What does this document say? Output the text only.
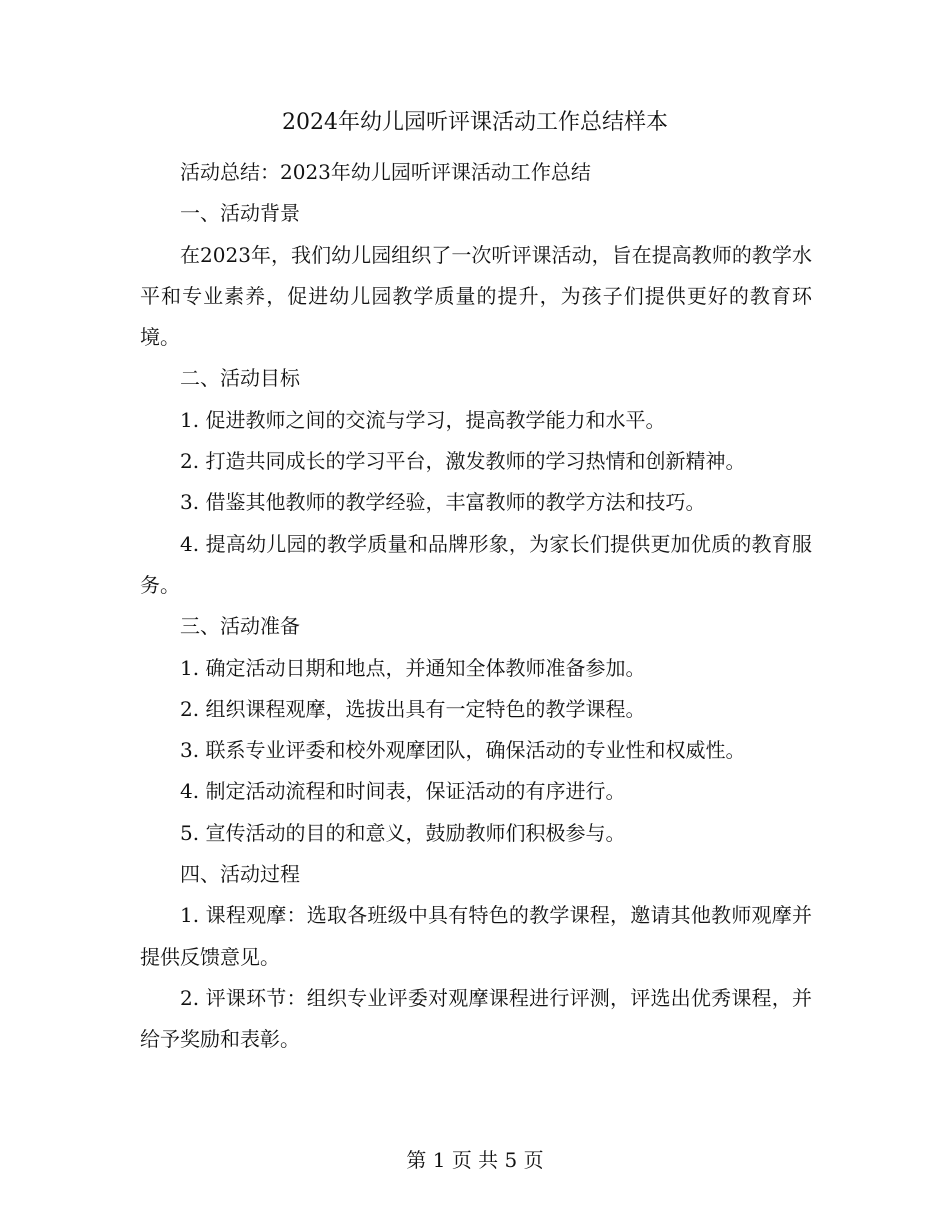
2024年幼儿园听评课活动工作总结样本

活动总结：2023年幼儿园听评课活动工作总结

一、活动背景

在2023年，我们幼儿园组织了一次听评课活动，旨在提高教师的教学水平和专业素养，促进幼儿园教学质量的提升，为孩子们提供更好的教育环境。

二、活动目标

1. 促进教师之间的交流与学习，提高教学能力和水平。

2. 打造共同成长的学习平台，激发教师的学习热情和创新精神。

3. 借鉴其他教师的教学经验，丰富教师的教学方法和技巧。

4. 提高幼儿园的教学质量和品牌形象，为家长们提供更加优质的教育服务。

三、活动准备

1. 确定活动日期和地点，并通知全体教师准备参加。

2. 组织课程观摩，选拔出具有一定特色的教学课程。

3. 联系专业评委和校外观摩团队，确保活动的专业性和权威性。

4. 制定活动流程和时间表，保证活动的有序进行。

5. 宣传活动的目的和意义，鼓励教师们积极参与。

四、活动过程

1. 课程观摩：选取各班级中具有特色的教学课程，邀请其他教师观摩并提供反馈意见。

2. 评课环节：组织专业评委对观摩课程进行评测，评选出优秀课程，并给予奖励和表彰。

第 1 页 共 5 页
